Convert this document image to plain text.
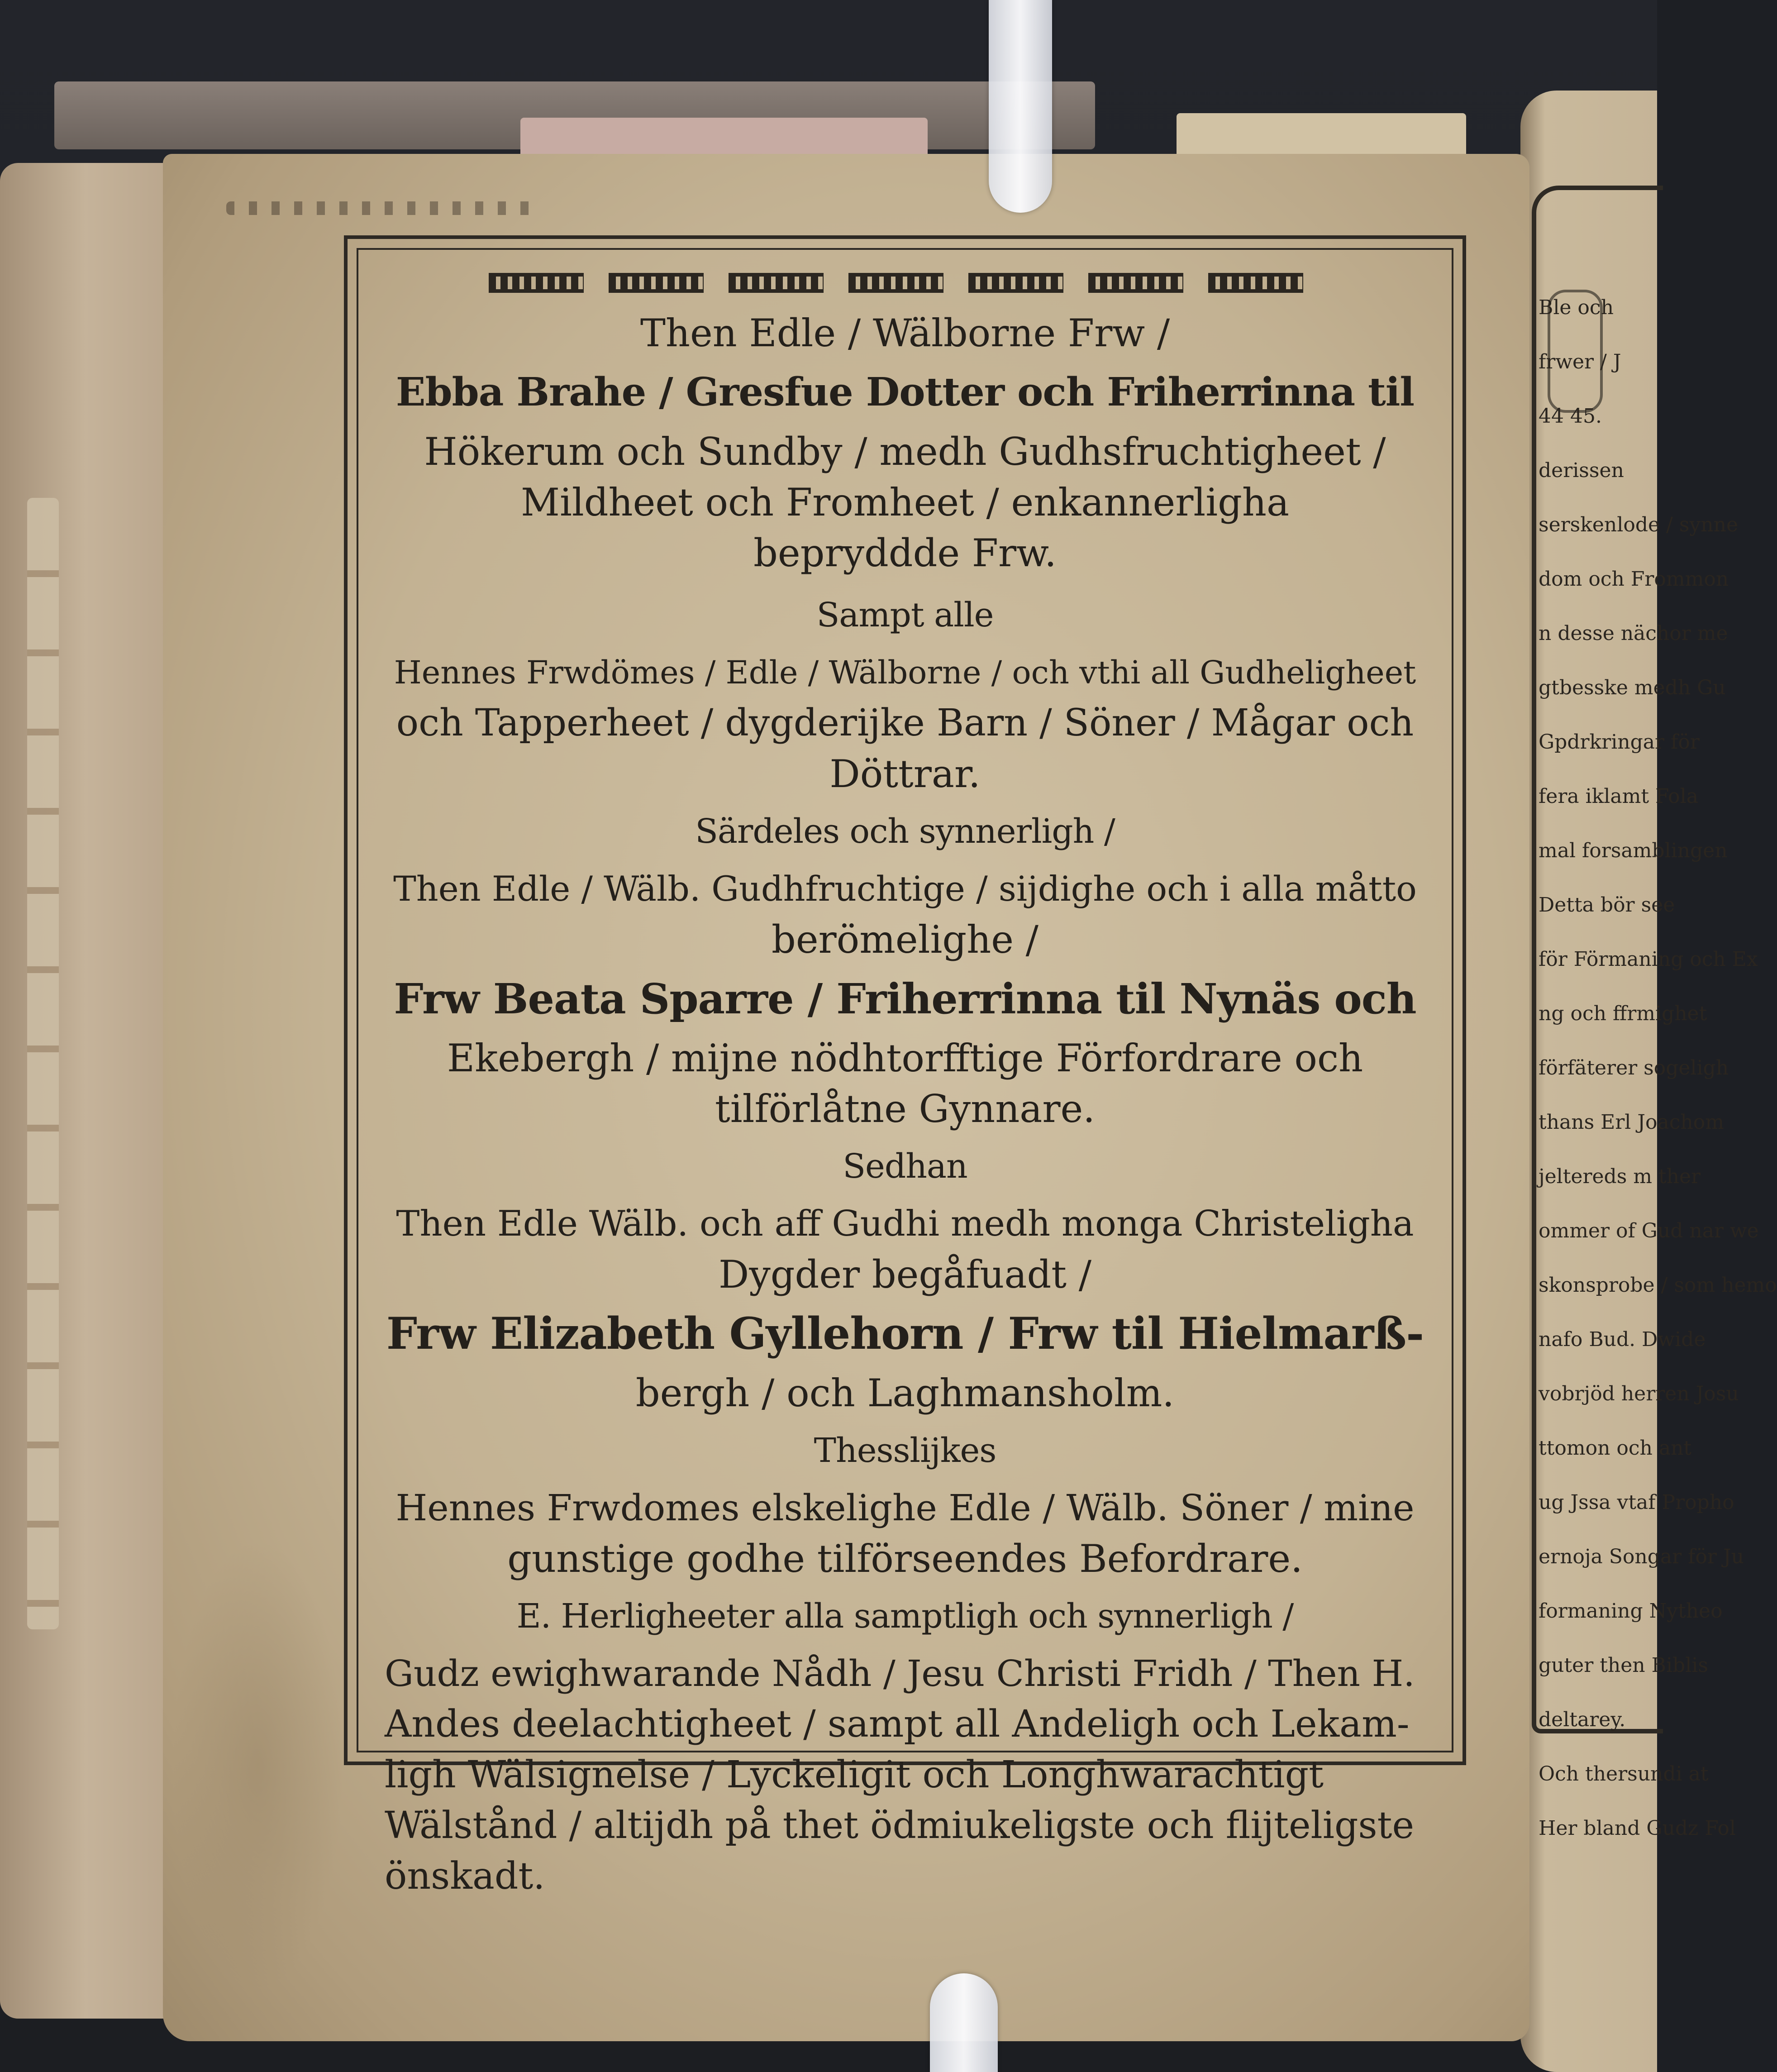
Ble och
frwer / J
44 45.
derissen
serskenlode / synne
dom och Frommon
n desse nächor me
gtbesske medh Gu
Gpdrkringar för
fera iklamt Fola
mal forsamblingen
Detta bör see
för Förmaning och Ex
ng och ffrmighet
förfäterer sogeligh
thans Erl Joachom
jeltereds m ther
ommer of Gud nar we
skonsprobe / som hemo
nafo Bud. Dwide
vobrjöd herren Josu
ttomon och ant
ug Jssa vtaf Propho
ernoja Songar för Ju
formaning Nytheo
guter then Biblis
deltarey.
Och thersundi at
Her bland Gudz Fol
Then Edle / Wälborne Frw /
Ebba Brahe / Gresfue Dotter och Friherrinna til
Hökerum och Sundby / medh Gudhsfruchtigheet /
Mildheet och Fromheet / enkannerligha
bepryddde Frw.
Sampt alle
Hennes Frwdömes / Edle / Wälborne / och vthi all Gudheligheet
och Tapperheet / dygderijke Barn / Söner / Mågar och
Döttrar.
Särdeles och synnerligh /
Then Edle / Wälb. Gudhfruchtige / sijdighe och i alla måtto
berömelighe /
Frw Beata Sparre / Friherrinna til Nynäs och
Ekebergh / mijne nödhtorfftige Förfordrare och
tilförlåtne Gynnare.
Sedhan
Then Edle Wälb. och aff Gudhi medh monga Christeligha
Dygder begåfuadt /
Frw Elizabeth Gyllehorn / Frw til Hielmarß-
bergh / och Laghmansholm.
Thesslijkes
Hennes Frwdomes elskelighe Edle / Wälb. Söner / mine
gunstige godhe tilförseendes Befordrare.
E. Herligheeter alla samptligh och synnerligh /
Gudz ewighwarande Nådh / Jesu Christi Fridh / Then H.
Andes deelachtigheet / sampt all Andeligh och Lekam-
ligh Wälsignelse / Lyckeligit och Longhwarachtigt
Wälstånd / altijdh på thet ödmiukeligste och flijteligste
önskadt.
